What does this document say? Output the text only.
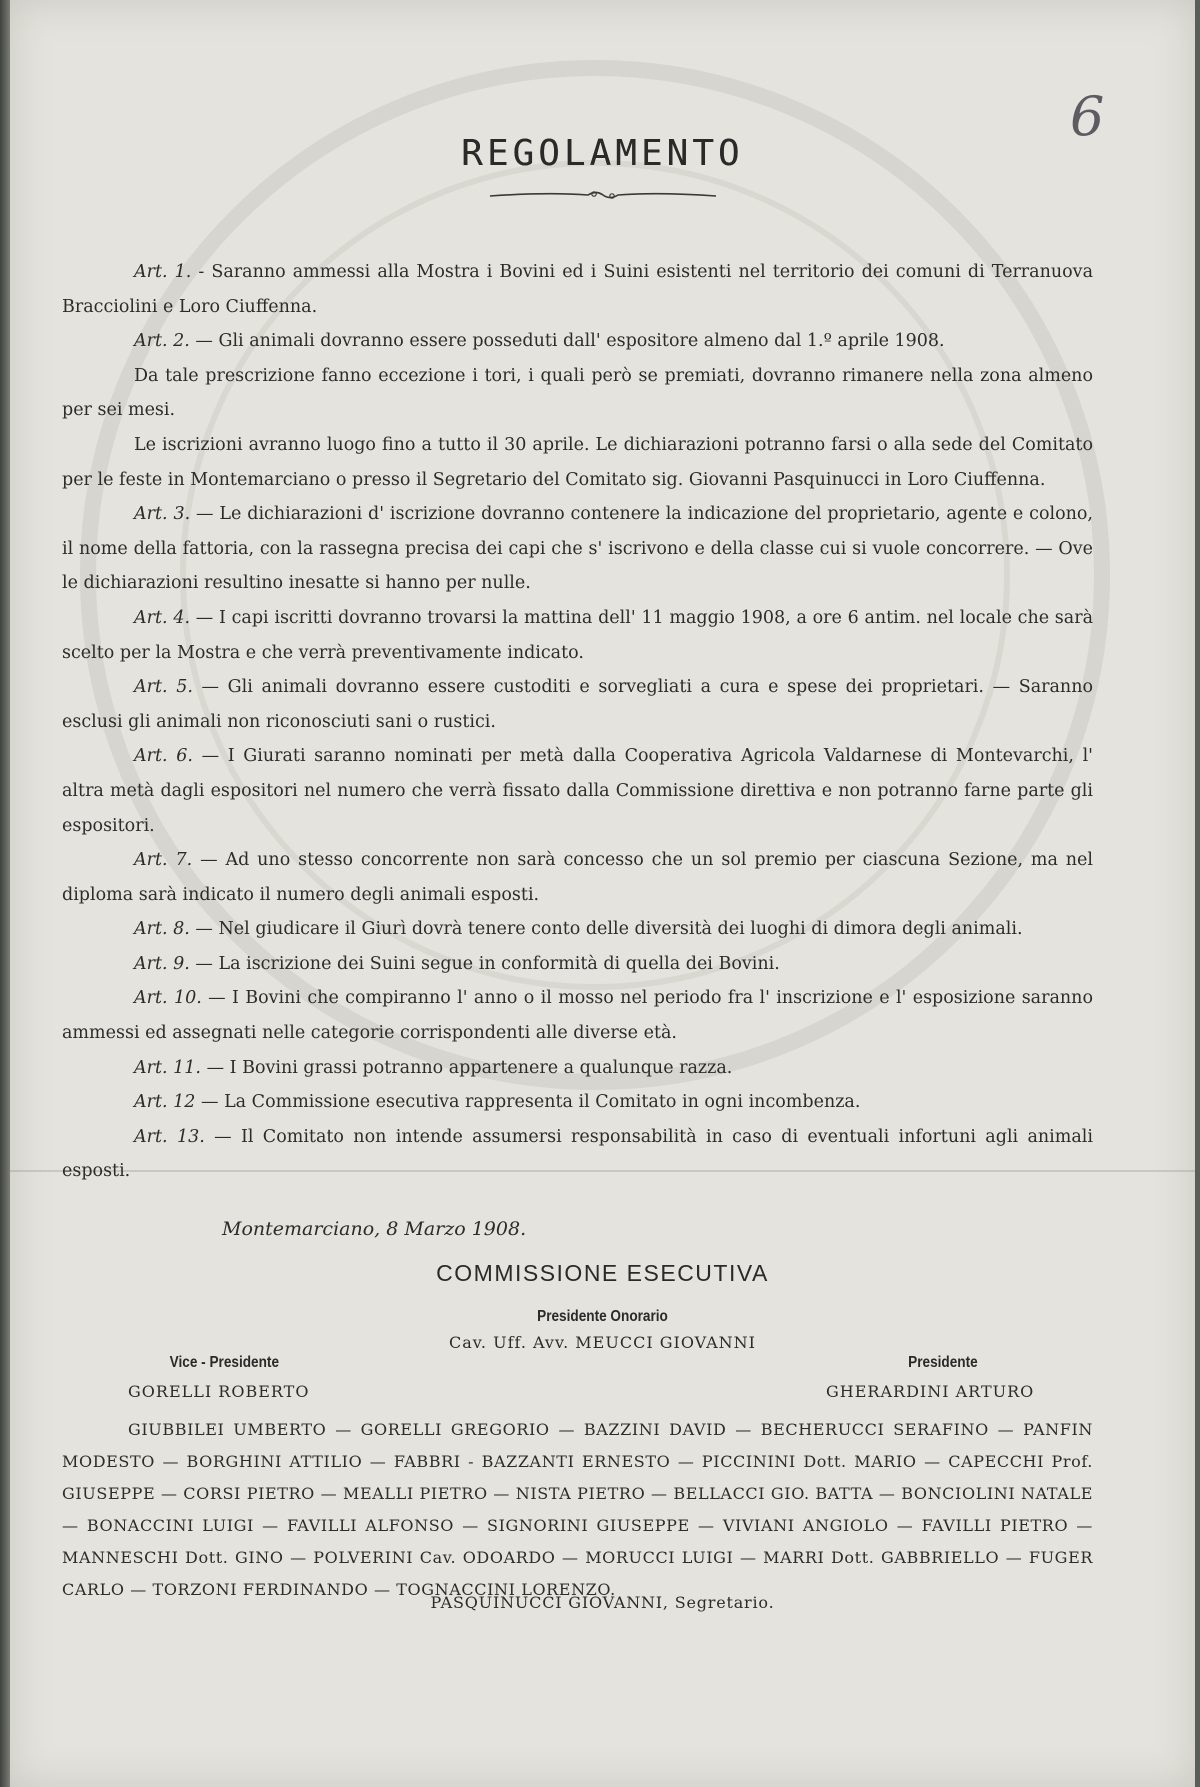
6
REGOLAMENTO

Art. 1. - Saranno ammessi alla Mostra i Bovini ed i Suini esistenti nel territorio dei comuni di Terranuova Bracciolini e Loro Ciuffenna.

Art. 2. — Gli animali dovranno essere posseduti dall' espositore almeno dal 1.º aprile 1908.

Da tale prescrizione fanno eccezione i tori, i quali però se premiati, dovranno rimanere nella zona almeno per sei mesi.

Le iscrizioni avranno luogo fino a tutto il 30 aprile. Le dichiarazioni potranno farsi o alla sede del Comitato per le feste in Montemarciano o presso il Segretario del Comitato sig. Giovanni Pasquinucci in Loro Ciuffenna.

Art. 3. — Le dichiarazioni d' iscrizione dovranno contenere la indicazione del proprietario, agente e colono, il nome della fattoria, con la rassegna precisa dei capi che s' iscrivono e della classe cui si vuole concorrere. — Ove le dichiarazioni resultino inesatte si hanno per nulle.

Art. 4. — I capi iscritti dovranno trovarsi la mattina dell' 11 maggio 1908, a ore 6 antim. nel locale che sarà scelto per la Mostra e che verrà preventivamente indicato.

Art. 5. — Gli animali dovranno essere custoditi e sorvegliati a cura e spese dei proprietari. — Saranno esclusi gli animali non riconosciuti sani o rustici.

Art. 6. — I Giurati saranno nominati per metà dalla Cooperativa Agricola Valdarnese di Montevarchi, l' altra metà dagli espositori nel numero che verrà fissato dalla Commissione direttiva e non potranno farne parte gli espositori.

Art. 7. — Ad uno stesso concorrente non sarà concesso che un sol premio per ciascuna Sezione, ma nel diploma sarà indicato il numero degli animali esposti.

Art. 8. — Nel giudicare il Giurì dovrà tenere conto delle diversità dei luoghi di dimora degli animali.

Art. 9. — La iscrizione dei Suini segue in conformità di quella dei Bovini.

Art. 10. — I Bovini che compiranno l' anno o il mosso nel periodo fra l' inscrizione e l' esposizione saranno ammessi ed assegnati nelle categorie corrispondenti alle diverse età.

Art. 11. — I Bovini grassi potranno appartenere a qualunque razza.

Art. 12 — La Commissione esecutiva rappresenta il Comitato in ogni incombenza.

Art. 13. — Il Comitato non intende assumersi responsabilità in caso di eventuali infortuni agli animali esposti.

Montemarciano, 8 Marzo 1908.
COMMISSIONE ESECUTIVA
Presidente Onorario
Cav. Uff. Avv. MEUCCI GIOVANNI
Vice - Presidente
GORELLI ROBERTO
Presidente
GHERARDINI ARTURO
GIUBBILEI UMBERTO — GORELLI GREGORIO — BAZZINI DAVID — BECHERUCCI SERAFINO — PANFIN MODESTO — BORGHINI ATTILIO — FABBRI - BAZZANTI ERNESTO — PICCININI Dott. MARIO — CAPECCHI Prof. GIUSEPPE — CORSI PIETRO — MEALLI PIETRO — NISTA PIETRO — BELLACCI GIO. BATTA — BONCIOLINI NATALE — BONACCINI LUIGI — FAVILLI ALFONSO — SIGNORINI GIUSEPPE — VIVIANI ANGIOLO — FAVILLI PIETRO — MANNESCHI Dott. GINO — POLVERINI Cav. ODOARDO — MORUCCI LUIGI — MARRI Dott. GABBRIELLO — FUGER CARLO — TORZONI FERDINANDO — TOGNACCINI LORENZO.
PASQUINUCCI GIOVANNI, Segretario.
